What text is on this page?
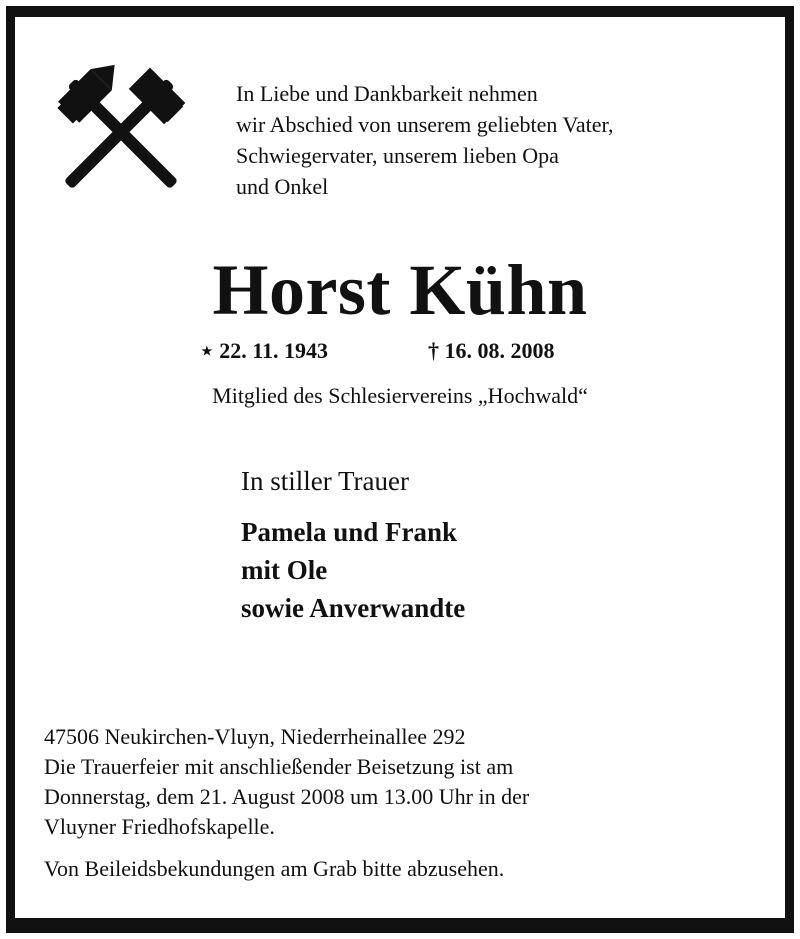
In Liebe und Dankbarkeit nehmen
wir Abschied von unserem geliebten Vater,
Schwiegervater, unserem lieben Opa
und Onkel
Horst Kühn
⋆ 22. 11. 1943	† 16. 08. 2008
Mitglied des Schlesiervereins „Hochwald“
In stiller Trauer
Pamela und Frank
mit Ole
sowie Anverwandte
47506 Neukirchen-Vluyn, Niederrheinallee 292
Die Trauerfeier mit anschließender Beisetzung ist am
Donnerstag, dem 21. August 2008 um 13.00 Uhr in der
Vluyner Friedhofskapelle.
Von Beileidsbekundungen am Grab bitte abzusehen.
